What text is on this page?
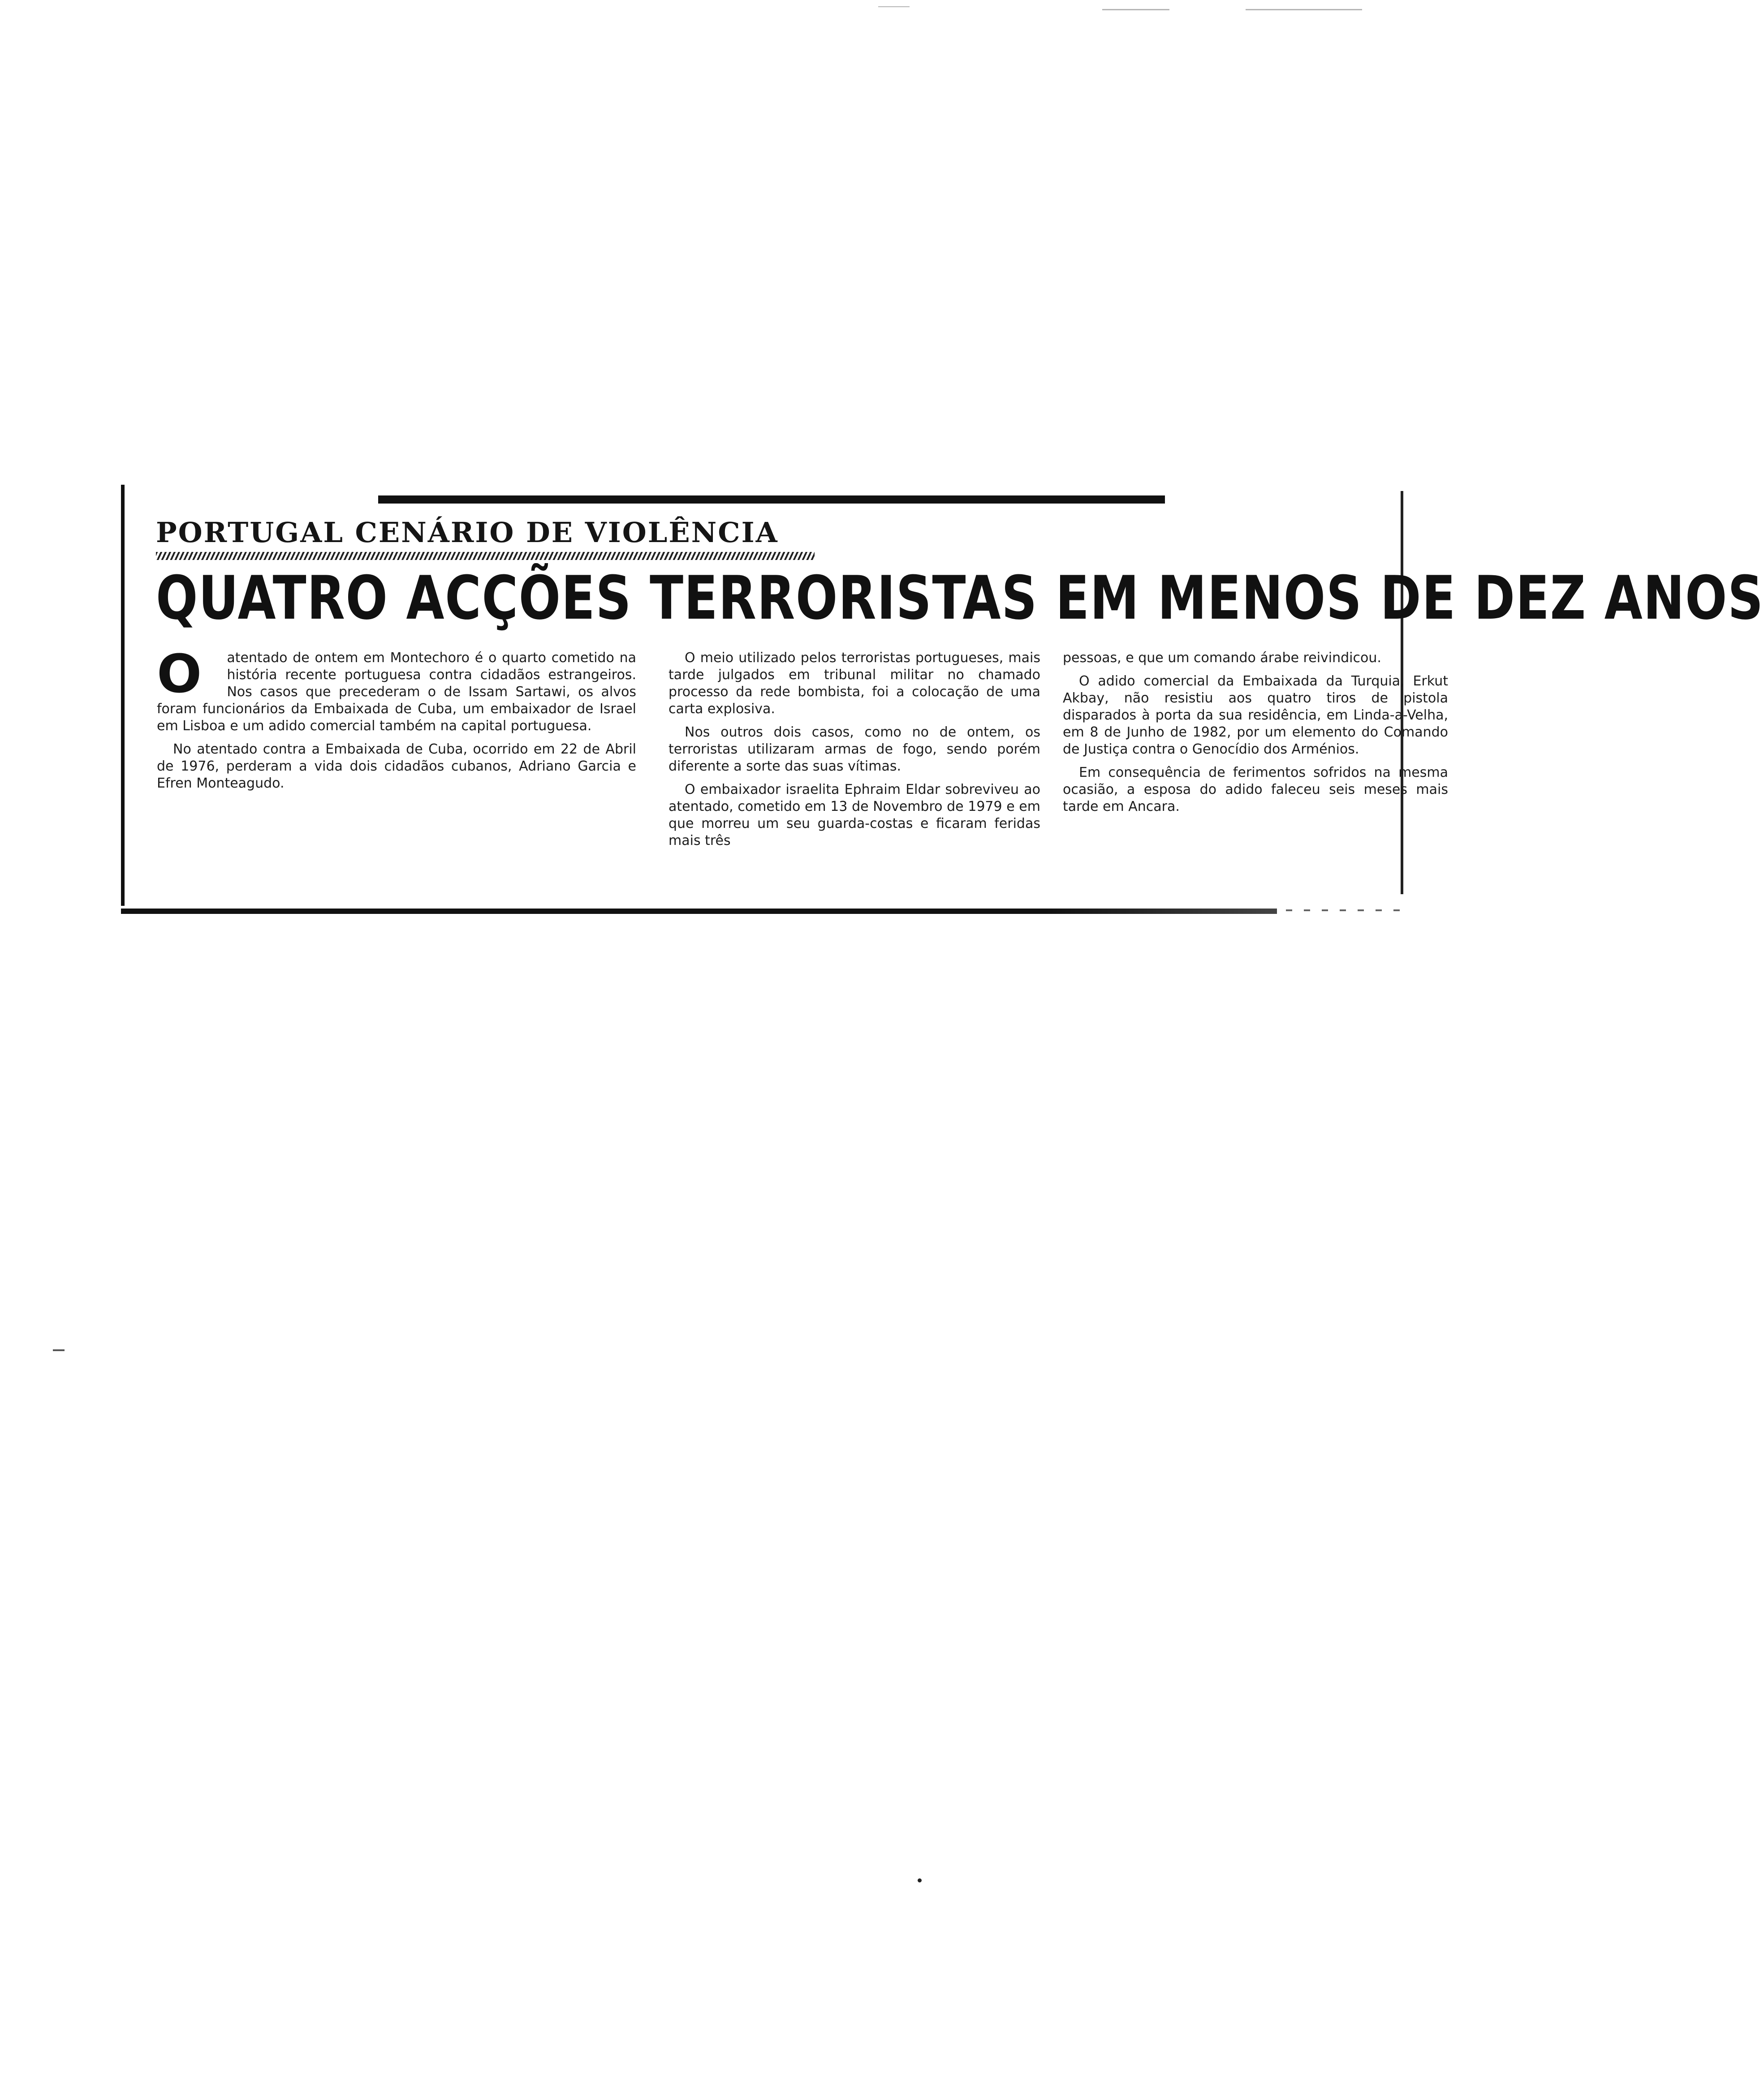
PORTUGAL CENÁRIO DE VIOLÊNCIA
QUATRO ACÇÕES TERRORISTAS EM MENOS DE DEZ ANOS
O	atentado de ontem em Montechoro é o quarto cometido na história recente portuguesa contra cidadãos estrangeiros. Nos casos que precederam o de Issam Sartawi, os alvos foram funcionários da Embaixada de Cuba, um embaixador de Israel em Lisboa e um adido comercial também na capital portuguesa.

No atentado contra a Embaixada de Cuba, ocorrido em 22 de Abril de 1976, perderam a vida dois cidadãos cubanos, Adriano Garcia e Efren Monteagudo.

O meio utilizado pelos terroristas portugueses, mais tarde julgados em tribunal militar no chamado processo da rede bombista, foi a colocação de uma carta explosiva.

Nos outros dois casos, como no de ontem, os terroristas utilizaram armas de fogo, sendo porém diferente a sorte das suas vítimas.

O embaixador israelita Ephraim Eldar sobreviveu ao atentado, cometido em 13 de Novembro de 1979 e em que morreu um seu guarda-costas e ficaram feridas mais três

pessoas, e que um comando árabe reivindicou.

O adido comercial da Embaixada da Turquia, Erkut Akbay, não resistiu aos quatro tiros de pistola disparados à porta da sua residência, em Linda-a-Velha, em 8 de Junho de 1982, por um elemento do Comando de Justiça contra o Genocídio dos Arménios.

Em consequência de ferimentos sofridos na mesma ocasião, a esposa do adido faleceu seis meses mais tarde em Ancara.
